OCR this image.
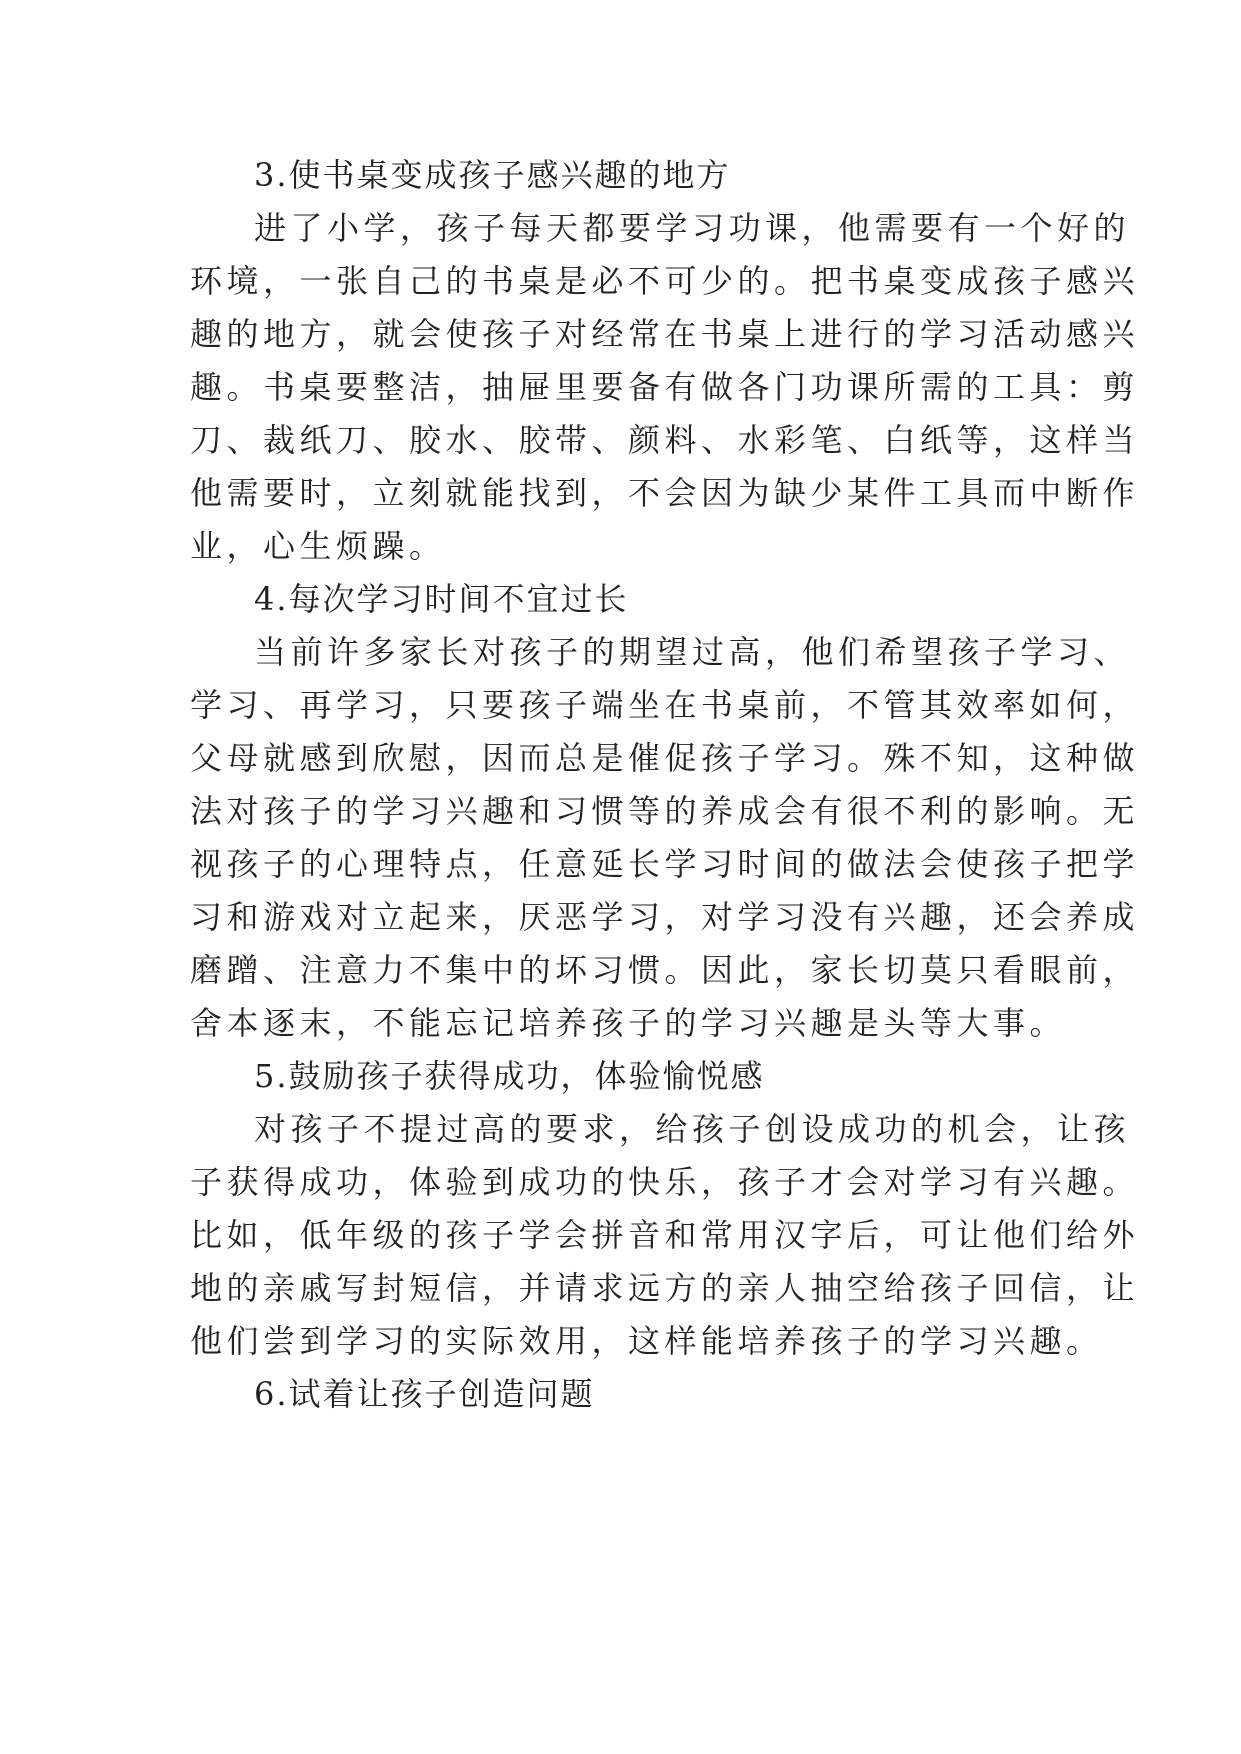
3.使书桌变成孩子感兴趣的地方
进了小学，孩子每天都要学习功课，他需要有一个好的
环境，一张自己的书桌是必不可少的。把书桌变成孩子感兴
趣的地方，就会使孩子对经常在书桌上进行的学习活动感兴
趣。书桌要整洁，抽屉里要备有做各门功课所需的工具：剪
刀、裁纸刀、胶水、胶带、颜料、水彩笔、白纸等，这样当
他需要时，立刻就能找到，不会因为缺少某件工具而中断作
业，心生烦躁。
4.每次学习时间不宜过长
当前许多家长对孩子的期望过高，他们希望孩子学习、
学习、再学习，只要孩子端坐在书桌前，不管其效率如何，
父母就感到欣慰，因而总是催促孩子学习。殊不知，这种做
法对孩子的学习兴趣和习惯等的养成会有很不利的影响。无
视孩子的心理特点，任意延长学习时间的做法会使孩子把学
习和游戏对立起来，厌恶学习，对学习没有兴趣，还会养成
磨蹭、注意力不集中的坏习惯。因此，家长切莫只看眼前，
舍本逐末，不能忘记培养孩子的学习兴趣是头等大事。
5.鼓励孩子获得成功，体验愉悦感
对孩子不提过高的要求，给孩子创设成功的机会，让孩
子获得成功，体验到成功的快乐，孩子才会对学习有兴趣。
比如，低年级的孩子学会拼音和常用汉字后，可让他们给外
地的亲戚写封短信，并请求远方的亲人抽空给孩子回信，让
他们尝到学习的实际效用，这样能培养孩子的学习兴趣。
6.试着让孩子创造问题
